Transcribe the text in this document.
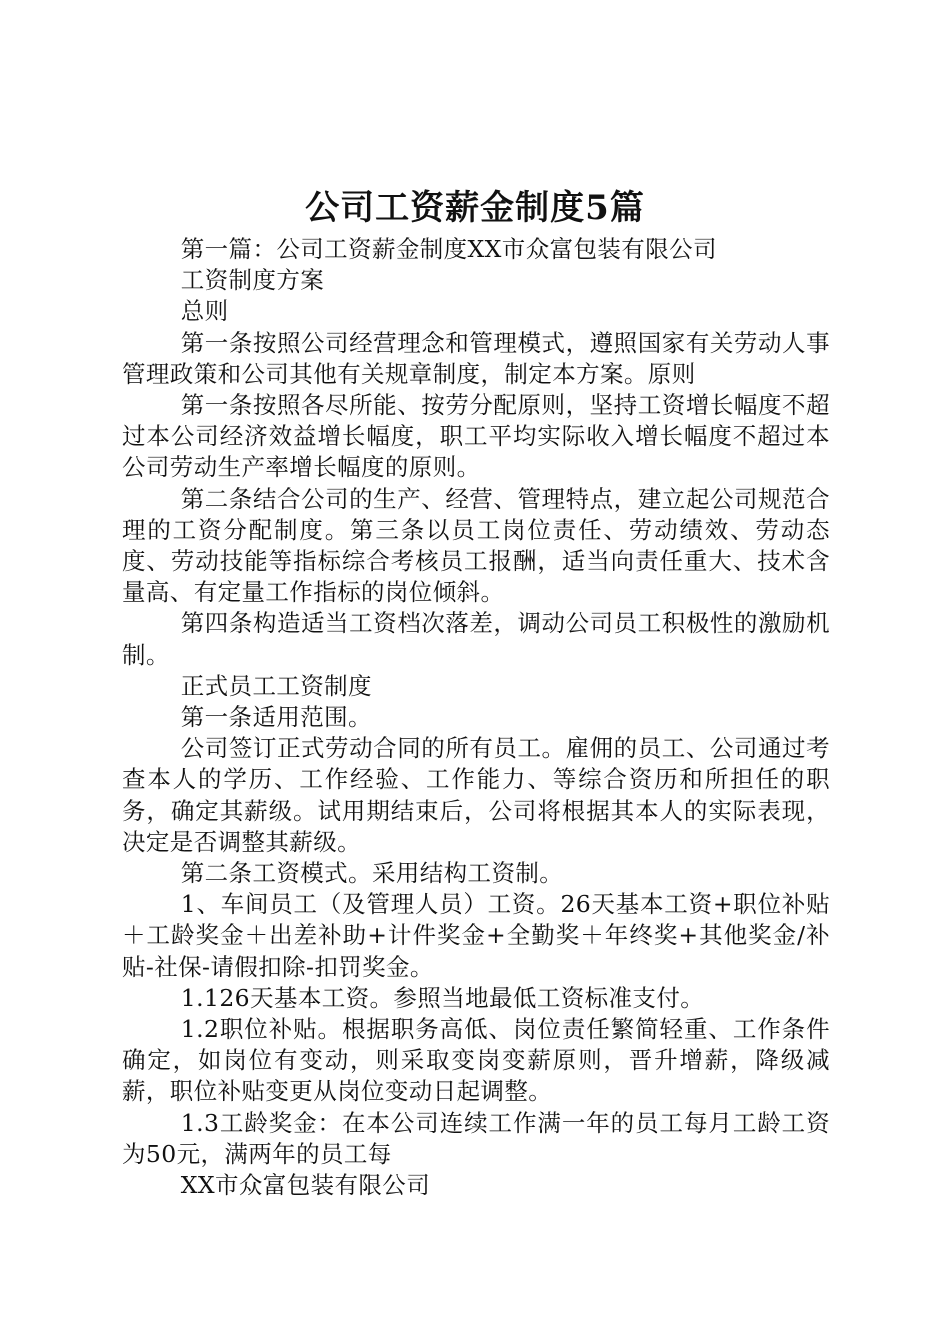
公司工资薪金制度5篇

第一篇：公司工资薪金制度XX市众富包装有限公司

工资制度方案

总则

第一条按照公司经营理念和管理模式，遵照国家有关劳动人事管理政策和公司其他有关规章制度，制定本方案。原则

第一条按照各尽所能、按劳分配原则，坚持工资增长幅度不超过本公司经济效益增长幅度，职工平均实际收入增长幅度不超过本公司劳动生产率增长幅度的原则。

第二条结合公司的生产、经营、管理特点，建立起公司规范合理的工资分配制度。第三条以员工岗位责任、劳动绩效、劳动态度、劳动技能等指标综合考核员工报酬，适当向责任重大、技术含量高、有定量工作指标的岗位倾斜。

第四条构造适当工资档次落差，调动公司员工积极性的激励机制。

正式员工工资制度

第一条适用范围。

公司签订正式劳动合同的所有员工。雇佣的员工、公司通过考查本人的学历、工作经验、工作能力、等综合资历和所担任的职务，确定其薪级。试用期结束后，公司将根据其本人的实际表现，决定是否调整其薪级。

第二条工资模式。采用结构工资制。

1、车间员工（及管理人员）工资。26天基本工资+职位补贴＋工龄奖金＋出差补助+计件奖金+全勤奖＋年终奖+其他奖金/补贴-社保-请假扣除-扣罚奖金。

1.126天基本工资。参照当地最低工资标准支付。

1.2职位补贴。根据职务高低、岗位责任繁简轻重、工作条件确定，如岗位有变动，则采取变岗变薪原则，晋升增薪，降级减薪，职位补贴变更从岗位变动日起调整。

1.3工龄奖金：在本公司连续工作满一年的员工每月工龄工资为50元，满两年的员工每

XX市众富包装有限公司
